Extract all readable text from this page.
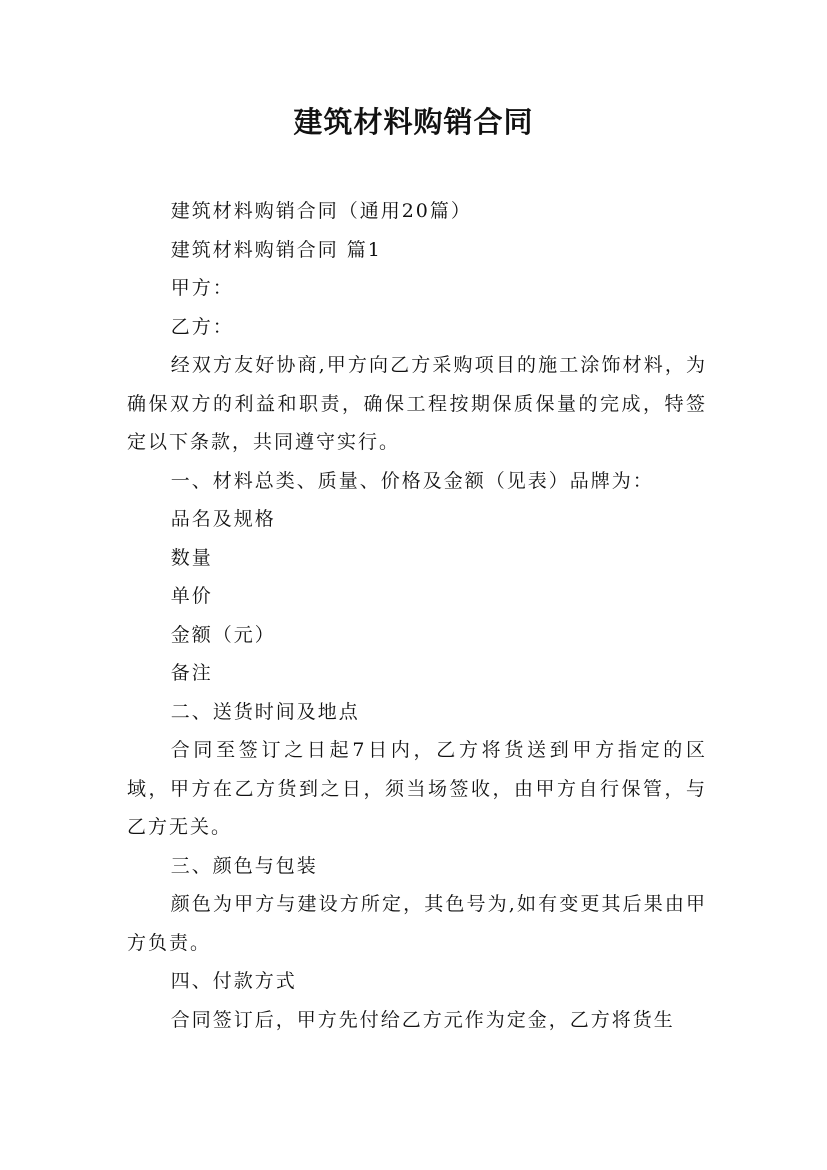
建筑材料购销合同

建筑材料购销合同（通用20篇）

建筑材料购销合同 篇1

甲方：

乙方：

经双方友好协商,甲方向乙方采购项目的施工涂饰材料，为确保双方的利益和职责，确保工程按期保质保量的完成，特签定以下条款，共同遵守实行。

一、材料总类、质量、价格及金额（见表）品牌为：

品名及规格

数量

单价

金额（元）

备注

二、送货时间及地点

合同至签订之日起7日内，乙方将货送到甲方指定的区域，甲方在乙方货到之日，须当场签收，由甲方自行保管，与乙方无关。

三、颜色与包装

颜色为甲方与建设方所定，其色号为,如有变更其后果由甲方负责。

四、付款方式

合同签订后，甲方先付给乙方元作为定金，乙方将货生
